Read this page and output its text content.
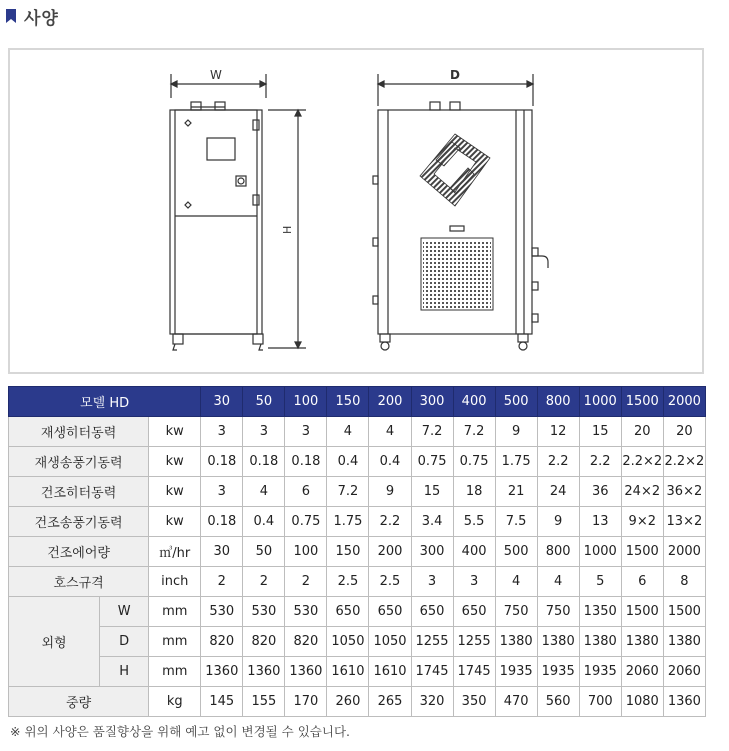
사양
W	D
H
모델 HD			30	50	100	150	200	300	400	500	800	1000	1500	2000
재생히터동력		kw	3	3	3	4	4	7.2	7.2	9	12	15	20	20
재생송풍기동력		kw	0.18	0.18	0.18	0.4	0.4	0.75	0.75	1.75	2.2	2.2	2.2×2	2.2×2
건조히터동력		kw	3	4	6	7.2	9	15	18	21	24	36	24×2	36×2
건조송풍기동력		kw	0.18	0.4	0.75	1.75	2.2	3.4	5.5	7.5	9	13	9×2	13×2
건조에어량		㎥/hr	30	50	100	150	200	300	400	500	800	1000	1500	2000
호스규격		inch	2	2	2	2.5	2.5	3	3	4	4	5	6	8
외형	W	mm	530	530	530	650	650	650	650	750	750	1350	1500	1500
	D	mm	820	820	820	1050	1050	1255	1255	1380	1380	1380	1380	1380
	H	mm	1360	1360	1360	1610	1610	1745	1745	1935	1935	1935	2060	2060
중량		kg	145	155	170	260	265	320	350	470	560	700	1080	1360
※ 위의 사양은 품질향상을 위해 예고 없이 변경될 수 있습니다.
